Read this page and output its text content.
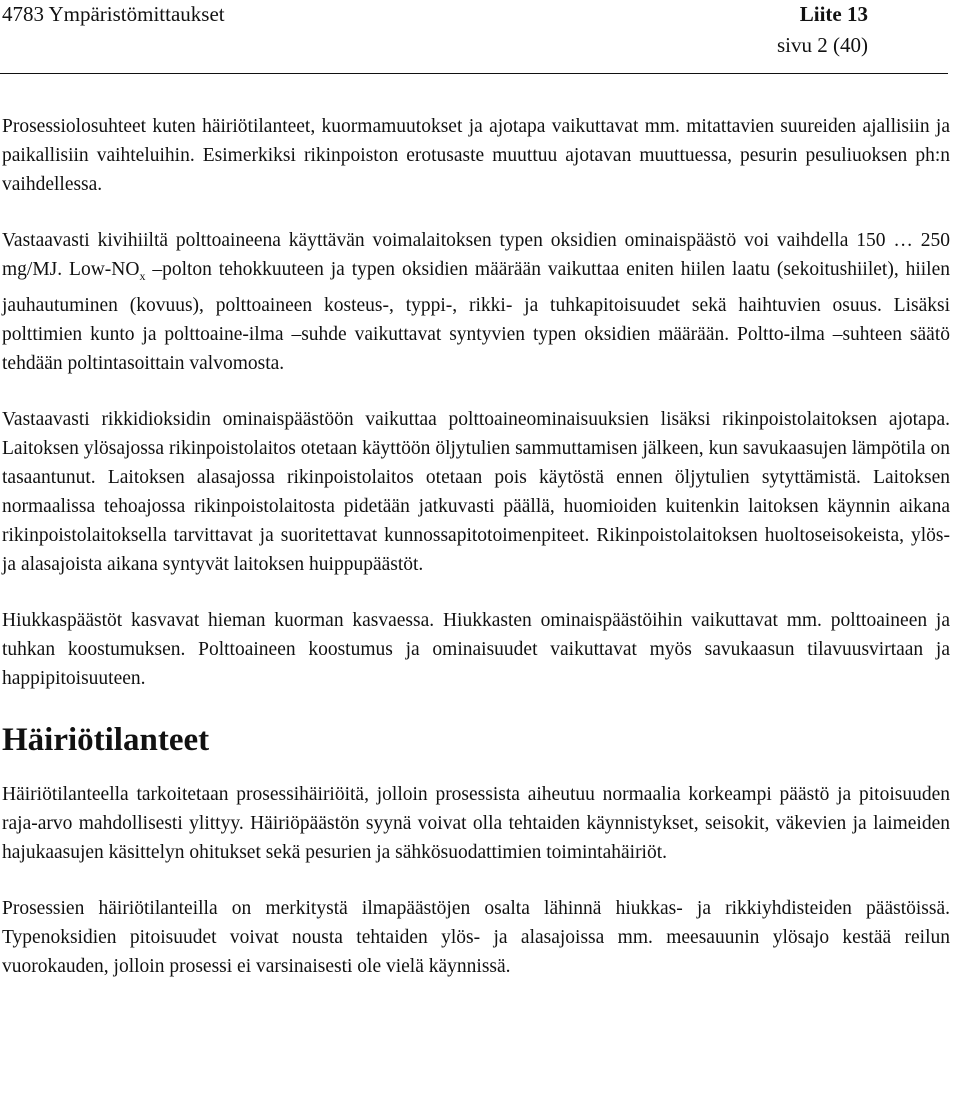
4783 Ympäristömittaukset	Liite 13
sivu 2 (40)

Prosessiolosuhteet kuten häiriötilanteet, kuormamuutokset ja ajotapa vaikuttavat mm. mitattavien suureiden ajallisiin ja paikallisiin vaihteluihin. Esimerkiksi rikinpoiston erotusaste muuttuu ajotavan muuttuessa, pesurin pesuliuoksen ph:n vaihdellessa.

Vastaavasti kivihiiltä polttoaineena käyttävän voimalaitoksen typen oksidien ominaispäästö voi vaihdella 150 … 250 mg/MJ. Low-$NO_x$ –polton tehokkuuteen ja typen oksidien määrään vaikuttaa eniten hiilen laatu (sekoitushiilet), hiilen jauhautuminen (kovuus), polttoaineen kosteus-, typpi-, rikki- ja tuhkapitoisuudet sekä haihtuvien osuus. Lisäksi polttimien kunto ja polttoaine-ilma –suhde vaikuttavat syntyvien typen oksidien määrään. Poltto-ilma –suhteen säätö tehdään poltintasoittain valvomosta.

Vastaavasti rikkidioksidin ominaispäästöön vaikuttaa polttoaineominaisuuksien lisäksi rikinpoistolaitoksen ajotapa. Laitoksen ylösajossa rikinpoistolaitos otetaan käyttöön öljytulien sammuttamisen jälkeen, kun savukaasujen lämpötila on tasaantunut. Laitoksen alasajossa rikinpoistolaitos otetaan pois käytöstä ennen öljytulien sytyttämistä. Laitoksen normaalissa tehoajossa rikinpoistolaitosta pidetään jatkuvasti päällä, huomioiden kuitenkin laitoksen käynnin aikana rikinpoistolaitoksella tarvittavat ja suoritettavat kunnossapitotoimenpiteet. Rikinpoistolaitoksen huoltoseisokeista, ylös- ja alasajoista aikana syntyvät laitoksen huippupäästöt.

Hiukkaspäästöt kasvavat hieman kuorman kasvaessa. Hiukkasten ominaispäästöihin vaikuttavat mm. polttoaineen ja tuhkan koostumuksen. Polttoaineen koostumus ja ominaisuudet vaikuttavat myös savukaasun tilavuusvirtaan ja happipitoisuuteen.

Häiriötilanteet

Häiriötilanteella tarkoitetaan prosessihäiriöitä, jolloin prosessista aiheutuu normaalia korkeampi päästö ja pitoisuuden raja-arvo mahdollisesti ylittyy. Häiriöpäästön syynä voivat olla tehtaiden käynnistykset, seisokit, väkevien ja laimeiden hajukaasujen käsittelyn ohitukset sekä pesurien ja sähkösuodattimien toimintahäiriöt.

Prosessien häiriötilanteilla on merkitystä ilmapäästöjen osalta lähinnä hiukkas- ja rikkiyhdisteiden päästöissä. Typenoksidien pitoisuudet voivat nousta tehtaiden ylös- ja alasajoissa mm. meesauunin ylösajo kestää reilun vuorokauden, jolloin prosessi ei varsinaisesti ole vielä käynnissä.
